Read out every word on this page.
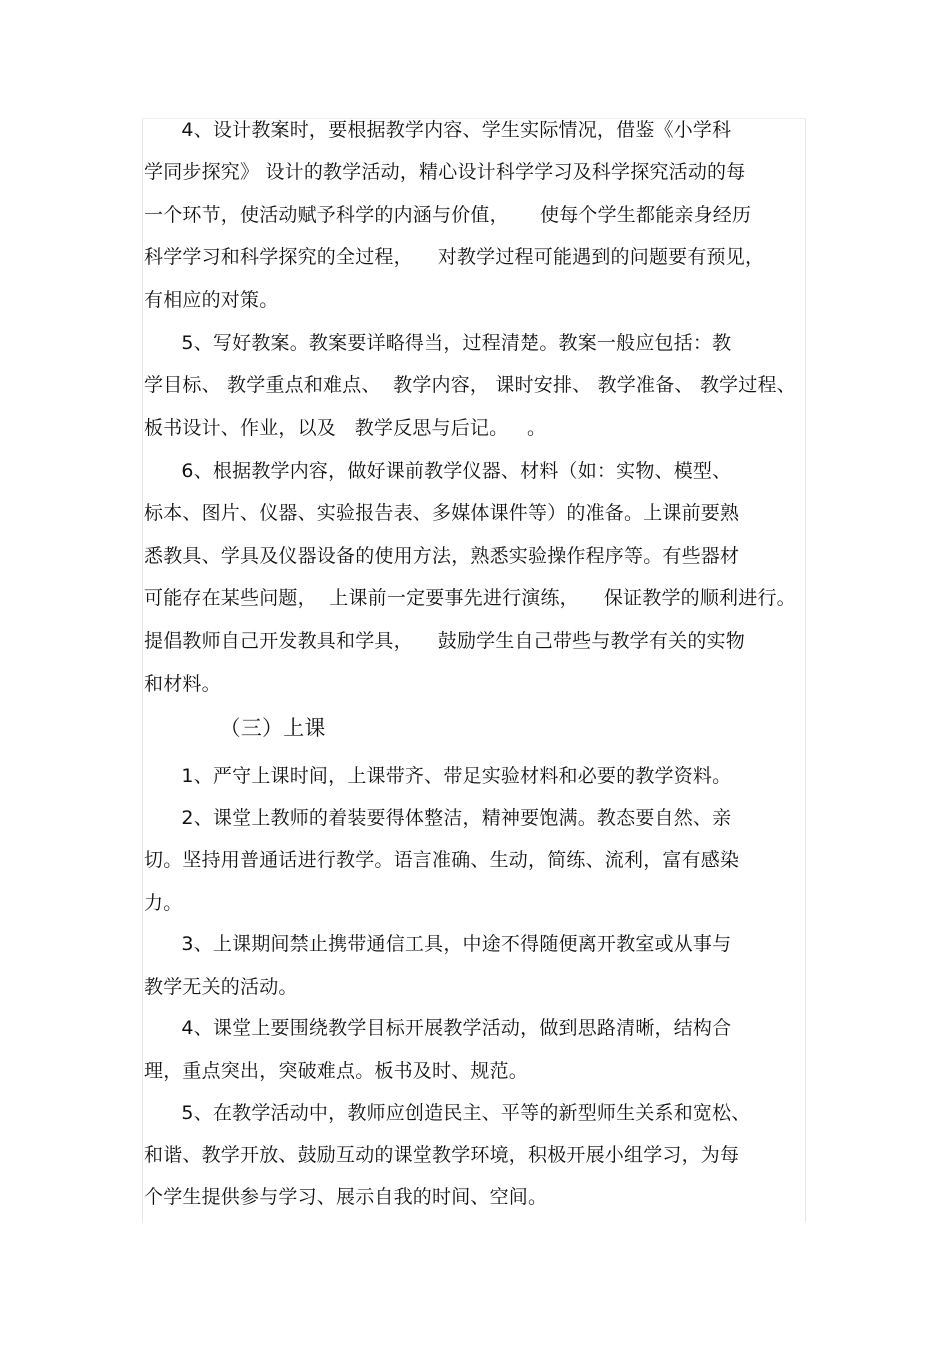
4、设计教案时，要根据教学内容、学生实际情况，借鉴《小学科
学同步探究》 设计的教学活动，精心设计科学学习及科学探究活动的每
一个环节，使活动赋予科学的内涵与价值，     使每个学生都能亲身经历
科学学习和科学探究的全过程，    对教学过程可能遇到的问题要有预见，
有相应的对策。
5、写好教案。教案要详略得当，过程清楚。教案一般应包括：教
学目标、 教学重点和难点、  教学内容， 课时安排、 教学准备、 教学过程、
板书设计、作业，以及   教学反思与后记。   。
6、根据教学内容，做好课前教学仪器、材料（如：实物、模型、
标本、图片、仪器、实验报告表、多媒体课件等）的准备。上课前要熟
悉教具、学具及仪器设备的使用方法，熟悉实验操作程序等。有些器材
可能存在某些问题，  上课前一定要事先进行演练，    保证教学的顺利进行。
提倡教师自己开发教具和学具，    鼓励学生自己带些与教学有关的实物
和材料。
（三）上课
1、严守上课时间，上课带齐、带足实验材料和必要的教学资料。
2、课堂上教师的着装要得体整洁，精神要饱满。教态要自然、亲
切。坚持用普通话进行教学。语言准确、生动，简练、流利，富有感染
力。
3、上课期间禁止携带通信工具，中途不得随便离开教室或从事与
教学无关的活动。
4、课堂上要围绕教学目标开展教学活动，做到思路清晰，结构合
理，重点突出，突破难点。板书及时、规范。
5、在教学活动中，教师应创造民主、平等的新型师生关系和宽松、
和谐、教学开放、鼓励互动的课堂教学环境，积极开展小组学习，为每
个学生提供参与学习、展示自我的时间、空间。
